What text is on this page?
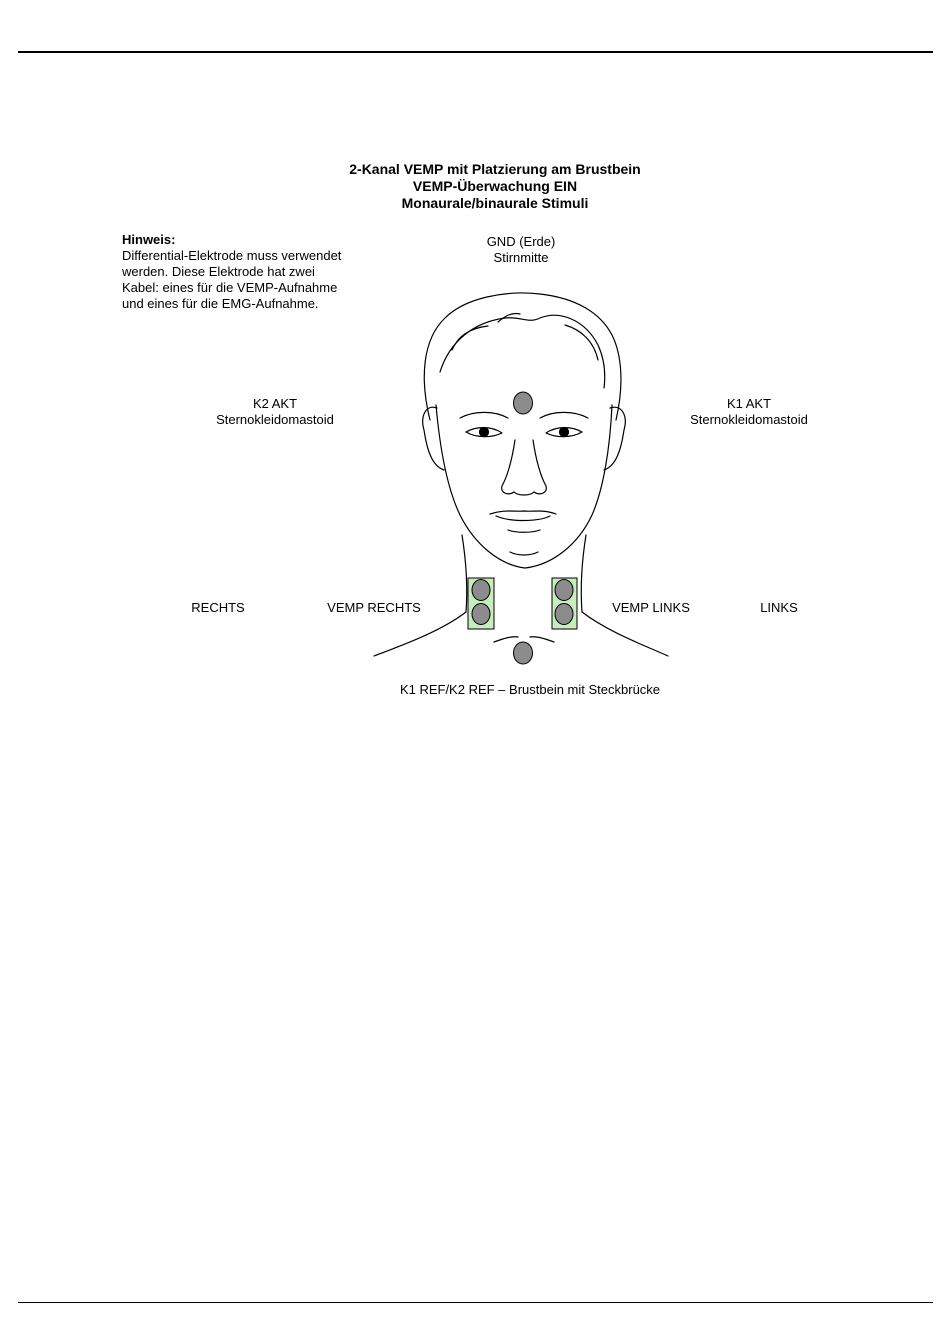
2-Kanal VEMP mit Platzierung am Brustbein
VEMP-Überwachung EIN
Monaurale/binaurale Stimuli
Hinweis:
Differential-Elektrode muss verwendet
werden. Diese Elektrode hat zwei
Kabel: eines für die VEMP-Aufnahme
und eines für die EMG-Aufnahme.
GND (Erde)
Stirnmitte
K2 AKT
Sternokleidomastoid
K1 AKT
Sternokleidomastoid
RECHTS	VEMP RECHTS	VEMP LINKS	LINKS
K1 REF/K2 REF – Brustbein mit Steckbrücke
